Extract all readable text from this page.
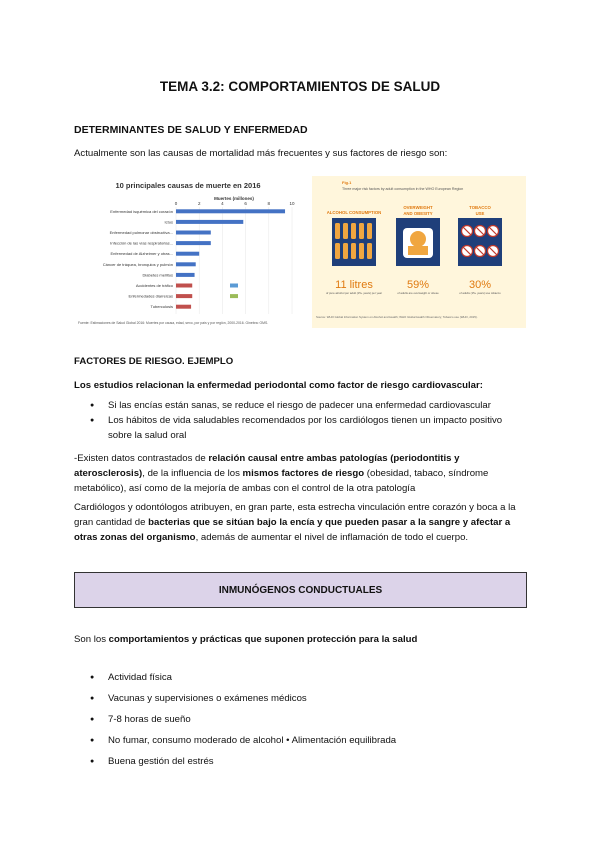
TEMA 3.2: COMPORTAMIENTOS DE SALUD
DETERMINANTES DE SALUD Y ENFERMEDAD
Actualmente son las causas de mortalidad más frecuentes y sus factores de riesgo son:
10 principales causas de muerte en 2016
Muertes (millones)
0	2	4	6	8	10
Enfermedad isquémica del corazón
Ictus
Enfermedad pulmonar obstructiva...
Infección de las vías respiratorias...
Enfermedad de Alzheimer y otras...
Cáncer de tráquea, bronquios y pulmón
Diabetes mellitus
Accidentes de tráfico
Enfermedades diarreicas
Tuberculosis
Fuente: Estimaciones de Salud Global 2016: Muertes por causa, edad, sexo, por país y por región, 2000-2016. Ginebra: OMS.
Fig.1
Three major risk factors by adult consumption in the WHO European Region
ALCOHOL CONSUMPTION
11 litres
of pure alcohol per adult (15+ years) per year
OVERWEIGHT
AND OBESITY
59%
of adults are overweight or obese
TOBACCO
USE
30%
of adults (15+ years) use tobacco
Source: WHO Global Information System on Alcohol and Health; WHO Global Health Observatory; Tobacco use (WHO, 2015).
FACTORES DE RIESGO. EJEMPLO
Los estudios relacionan la enfermedad periodontal como factor de riesgo cardiovascular:
● Si las encías están sanas, se reduce el riesgo de padecer una enfermedad cardiovascular
● Los hábitos de vida saludables recomendados por los cardiólogos tienen un impacto positivo sobre la salud oral
-Existen datos contrastados de relación causal entre ambas patologías (periodontitis y aterosclerosis), de la influencia de los mismos factores de riesgo (obesidad, tabaco, síndrome metabólico), así como de la mejoría de ambas con el control de la otra patología
Cardiólogos y odontólogos atribuyen, en gran parte, esta estrecha vinculación entre corazón y boca a la gran cantidad de bacterias que se sitúan bajo la encía y que pueden pasar a la sangre y afectar a otras zonas del organismo, además de aumentar el nivel de inflamación de todo el cuerpo.
INMUNÓGENOS CONDUCTUALES
Son los comportamientos y prácticas que suponen protección para la salud
● Actividad física
● Vacunas y supervisiones o exámenes médicos
● 7-8 horas de sueño
● No fumar, consumo moderado de alcohol • Alimentación equilibrada
● Buena gestión del estrés
